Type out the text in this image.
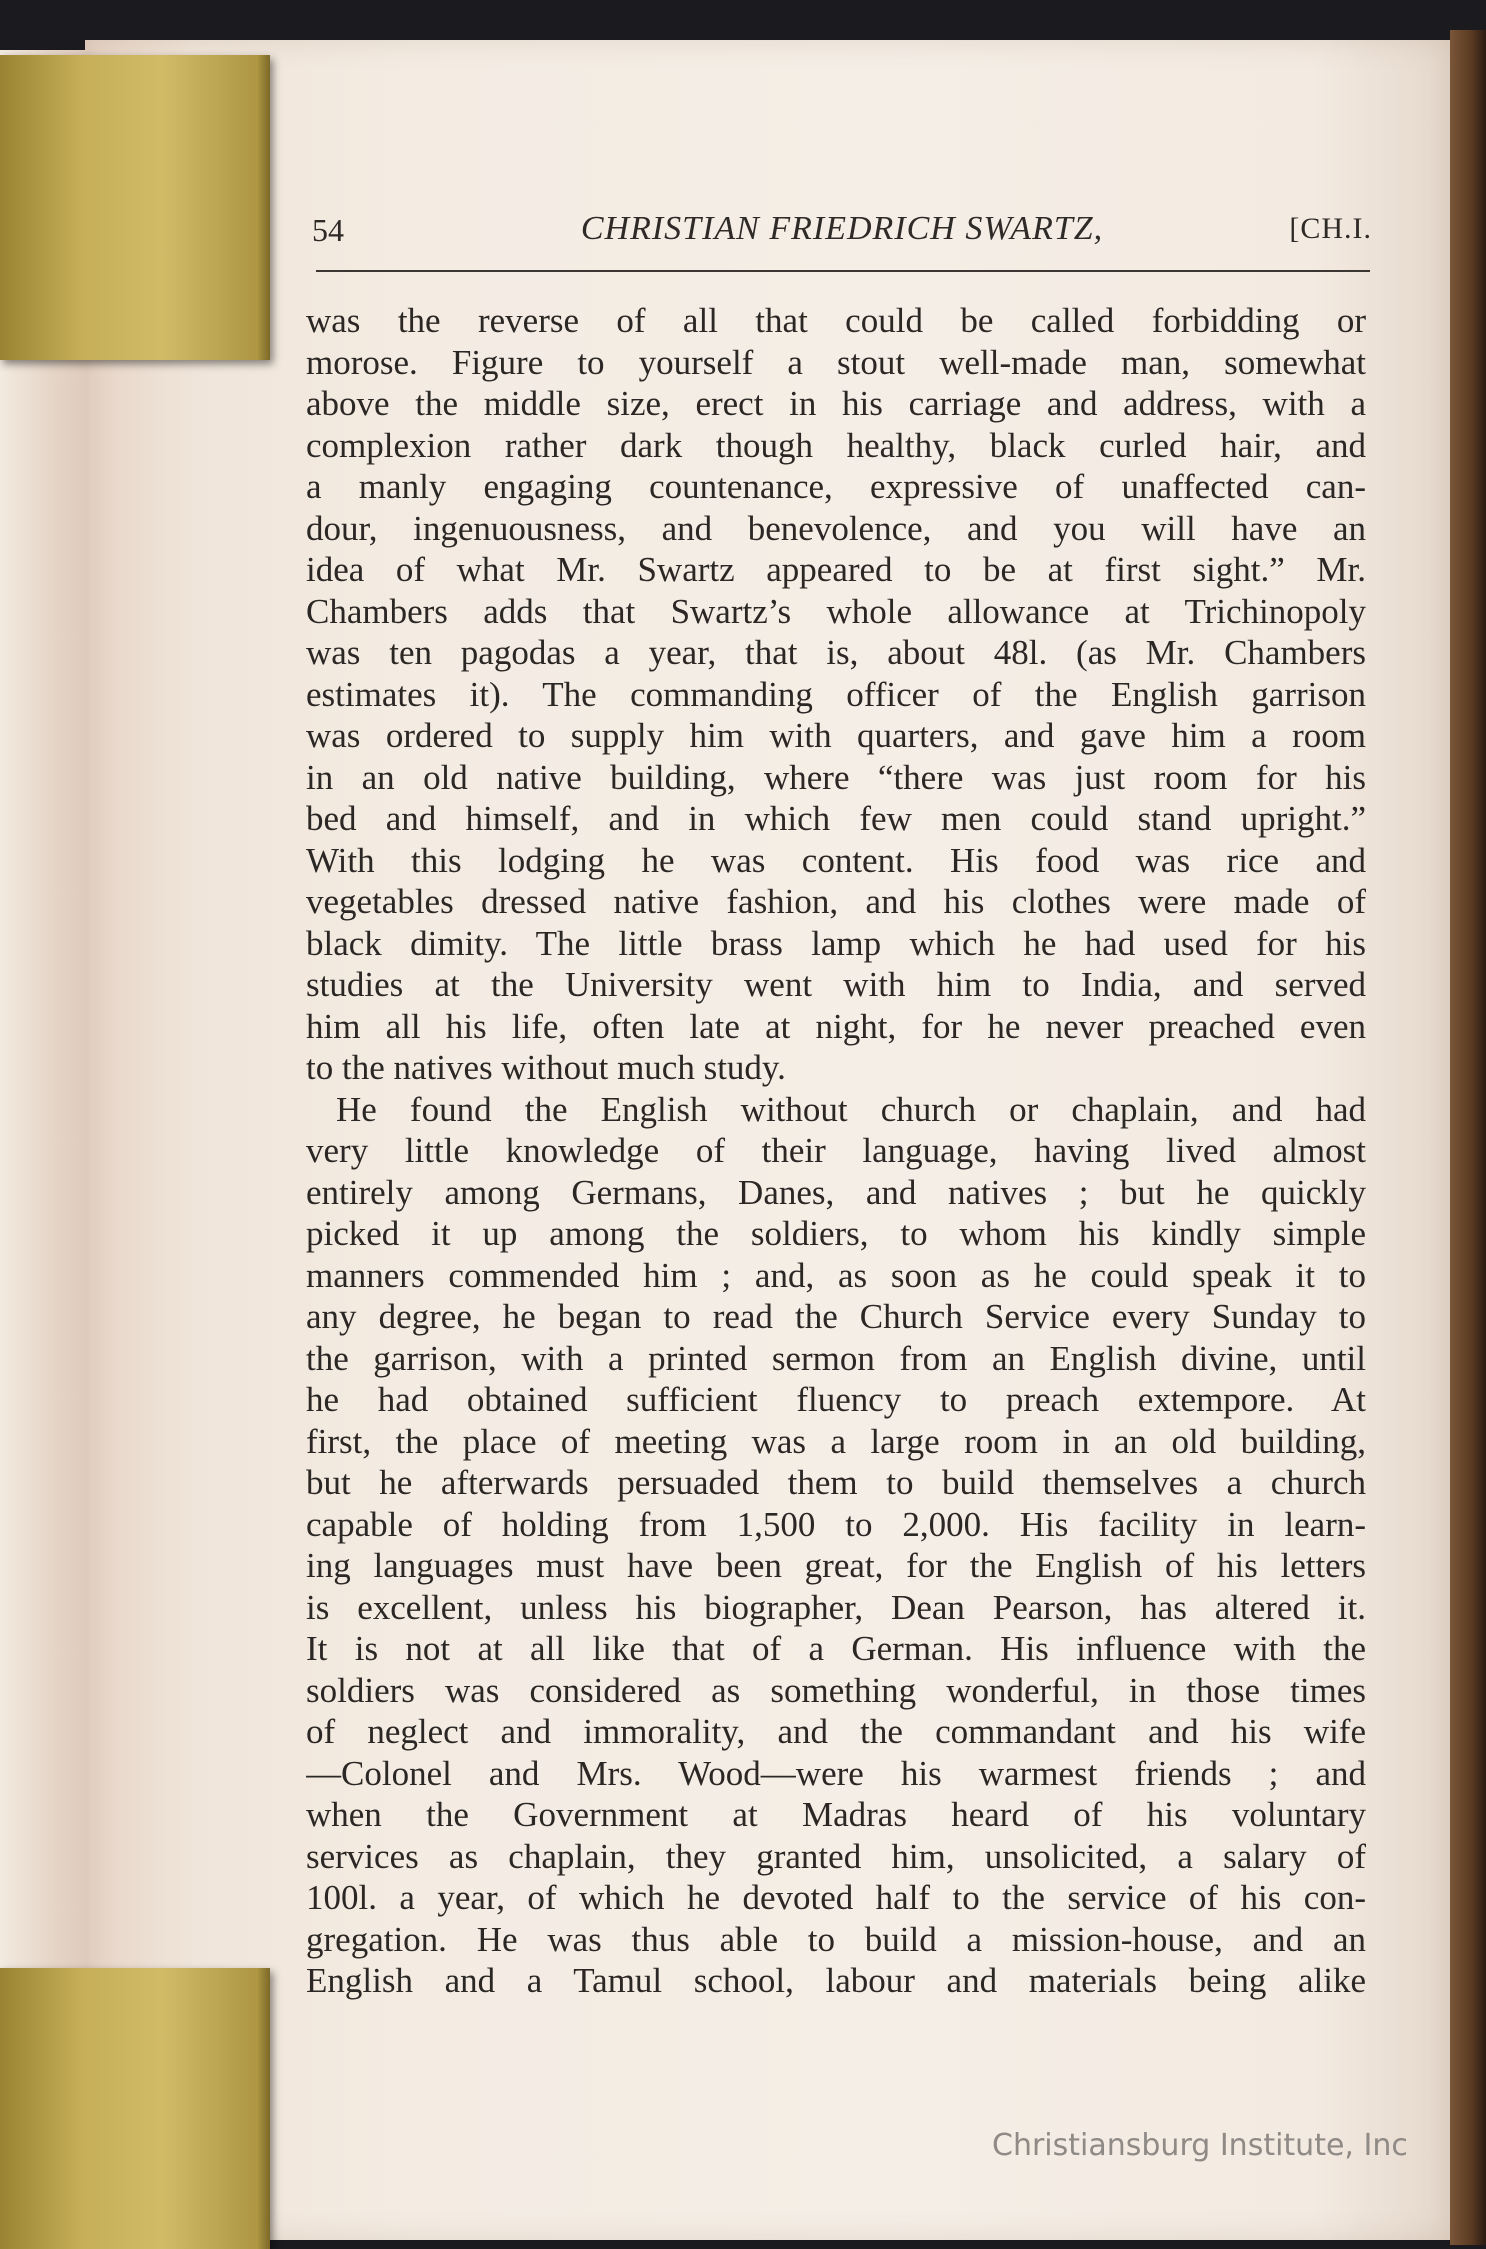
54	CHRISTIAN FRIEDRICH SWARTZ,	[CH.I.
was the reverse of all that could be called forbidding or
morose. Figure to yourself a stout well-made man, somewhat
above the middle size, erect in his carriage and address, with a
complexion rather dark though healthy, black curled hair, and
a manly engaging countenance, expressive of unaffected can-
dour, ingenuousness, and benevolence, and you will have an
idea of what Mr. Swartz appeared to be at first sight.” Mr.
Chambers adds that Swartz’s whole allowance at Trichinopoly
was ten pagodas a year, that is, about 48l. (as Mr. Chambers
estimates it). The commanding officer of the English garrison
was ordered to supply him with quarters, and gave him a room
in an old native building, where “there was just room for his
bed and himself, and in which few men could stand upright.”
With this lodging he was content. His food was rice and
vegetables dressed native fashion, and his clothes were made of
black dimity. The little brass lamp which he had used for his
studies at the University went with him to India, and served
him all his life, often late at night, for he never preached even
to the natives without much study.
He found the English without church or chaplain, and had
very little knowledge of their language, having lived almost
entirely among Germans, Danes, and natives ; but he quickly
picked it up among the soldiers, to whom his kindly simple
manners commended him ; and, as soon as he could speak it to
any degree, he began to read the Church Service every Sunday to
the garrison, with a printed sermon from an English divine, until
he had obtained sufficient fluency to preach extempore. At
first, the place of meeting was a large room in an old building,
but he afterwards persuaded them to build themselves a church
capable of holding from 1,500 to 2,000. His facility in learn-
ing languages must have been great, for the English of his letters
is excellent, unless his biographer, Dean Pearson, has altered it.
It is not at all like that of a German. His influence with the
soldiers was considered as something wonderful, in those times
of neglect and immorality, and the commandant and his wife
—Colonel and Mrs. Wood—were his warmest friends ; and
when the Government at Madras heard of his voluntary
services as chaplain, they granted him, unsolicited, a salary of
100l. a year, of which he devoted half to the service of his con-
gregation. He was thus able to build a mission-house, and an
English and a Tamul school, labour and materials being alike
Christiansburg Institute, Inc
